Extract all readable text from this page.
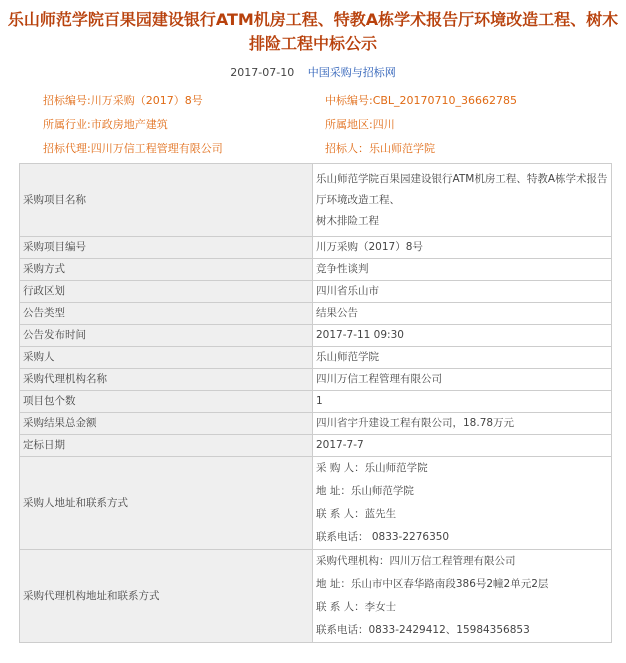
乐山师范学院百果园建设银行ATM机房工程、特教A栋学术报告厅环境改造工程、树木排险工程中标公示
2017-07-10 中国采购与招标网
招标编号:川万采购（2017）8号	中标编号:CBL_20170710_36662785
所属行业:市政房地产建筑	所属地区:四川
招标代理:四川万信工程管理有限公司	招标人：乐山师范学院
采购项目名称	乐山师范学院百果园建设银行ATM机房工程、特教A栋学术报告厅环境改造工程、
树木排险工程

采购项目编号	川万采购（2017）8号
采购方式	竞争性谈判
行政区划	四川省乐山市
公告类型	结果公告
公告发布时间	2017-7-11 09:30
采购人	乐山师范学院
采购代理机构名称	四川万信工程管理有限公司
项目包个数	1
采购结果总金额	四川省宇升建设工程有限公司，18.78万元
定标日期	2017-7-7
采购人地址和联系方式	采 购 人：乐山师范学院
地 址：乐山师范学院
联 系 人：蓝先生
联系电话： 0833-2276350

采购代理机构地址和联系方式	采购代理机构：四川万信工程管理有限公司
地 址：乐山市中区春华路南段386号2幢2单元2层
联 系 人：李女士
联系电话：0833-2429412、15984356853
